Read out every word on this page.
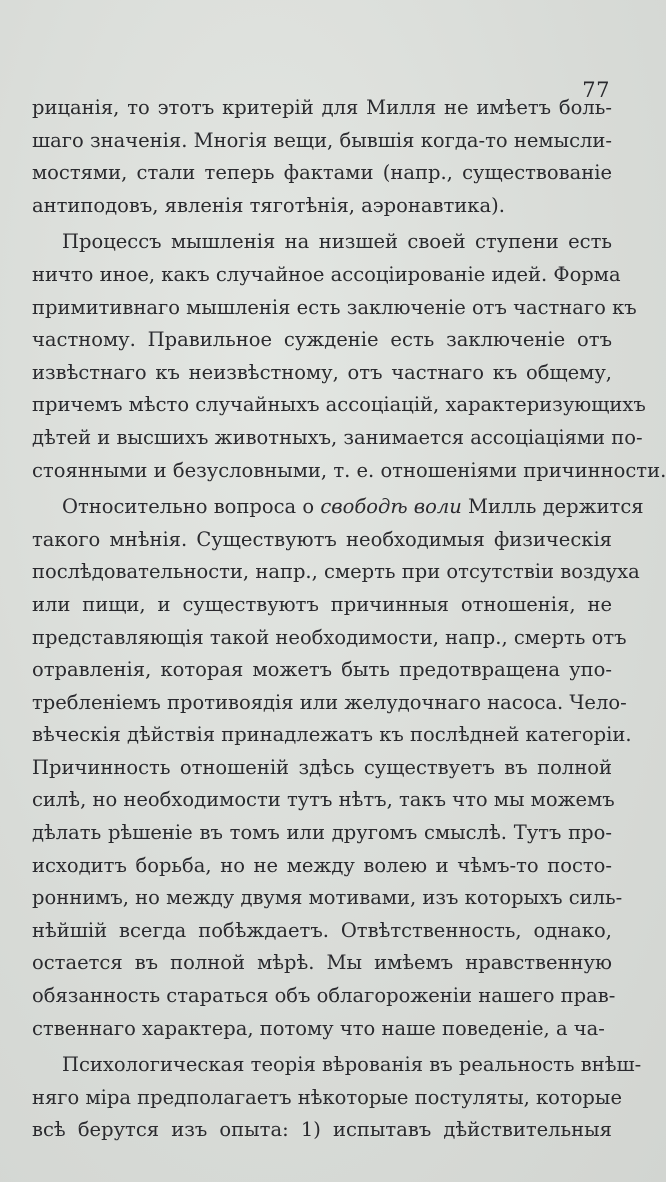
77
рицанія, то этотъ критерій для Милля не имѣетъ боль-
шаго значенія. Многія вещи, бывшія когда-то немысли-
мостями, стали теперь фактами (напр., существованіе
антиподовъ, явленія тяготѣнія, аэронавтика).
Процессъ мышленія на низшей своей ступени есть
ничто иное, какъ случайное ассоціированіе идей. Форма
примитивнаго мышленія есть заключеніе отъ частнаго къ
частному. Правильное сужденіе есть заключеніе отъ
извѣстнаго къ неизвѣстному, отъ частнаго къ общему,
причемъ мѣсто случайныхъ ассоціацій, характеризующихъ
дѣтей и высшихъ животныхъ, занимается ассоціаціями по-
стоянными и безусловными, т. е. отношеніями причинности.
Относительно вопроса о свободѣ воли Милль держится
такого мнѣнія. Существуютъ необходимыя физическія
послѣдовательности, напр., смерть при отсутствіи воздуха
или пищи, и существуютъ причинныя отношенія, не
представляющія такой необходимости, напр., смерть отъ
отравленія, которая можетъ быть предотвращена упо-
требленіемъ противоядія или желудочнаго насоса. Чело-
вѣческія дѣйствія принадлежатъ къ послѣдней категоріи.
Причинность отношеній здѣсь существуетъ въ полной
силѣ, но необходимости тутъ нѣтъ, такъ что мы можемъ
дѣлать рѣшеніе въ томъ или другомъ смыслѣ. Тутъ про-
исходитъ борьба, но не между волею и чѣмъ-то посто-
роннимъ, но между двумя мотивами, изъ которыхъ силь-
нѣйшій всегда побѣждаетъ. Отвѣтственность, однако,
остается въ полной мѣрѣ. Мы имѣемъ нравственную
обязанность стараться объ облагороженіи нашего прав-
ственнаго характера, потому что наше поведеніе, а ча-
Психологическая теорія вѣрованія въ реальность внѣш-
няго міра предполагаетъ нѣкоторые постуляты, которые
всѣ берутся изъ опыта: 1) испытавъ дѣйствительныя
